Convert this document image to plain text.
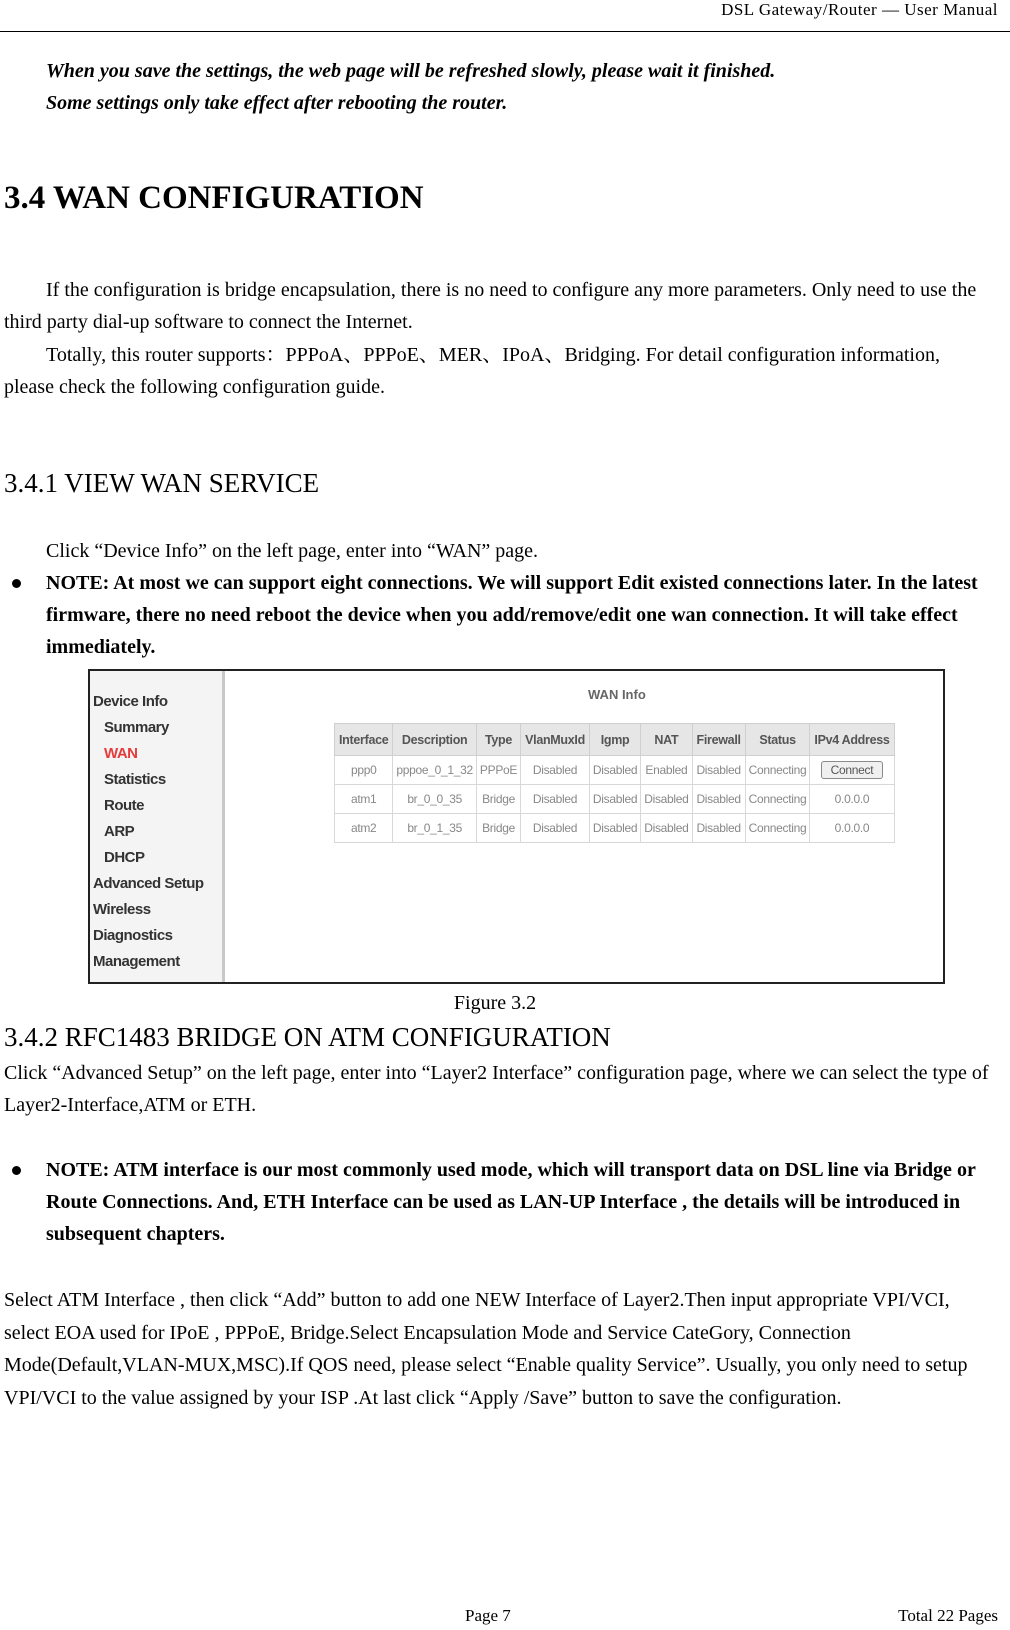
DSL Gateway/Router — User Manual
When you save the settings, the web page will be refreshed slowly, please wait it finished.
Some settings only take effect after rebooting the router.
3.4 WAN CONFIGURATION

If the configuration is bridge encapsulation, there is no need to configure any more parameters. Only need to use the third party dial-up software to connect the Internet.

Totally, this router supports：PPPoA、PPPoE、MER、IPoA、Bridging. For detail configuration information, please check the following configuration guide.

3.4.1 VIEW WAN SERVICE

Click “Device Info” on the left page, enter into “WAN” page.

NOTE: At most we can support eight connections. We will support Edit existed connections later. In the latest firmware, there no need reboot the device when you add/remove/edit one wan connection. It will take effect immediately.
Device Info
Summary
WAN
Statistics
Route
ARP
DHCP
Advanced Setup
Wireless
Diagnostics
Management
WAN Info
Interface	Description	Type	VlanMuxId	Igmp	NAT	Firewall	Status	IPv4 Address
ppp0	pppoe_0_1_32	PPPoE	Disabled	Disabled	Enabled	Disabled	Connecting	Connect
atm1	br_0_0_35	Bridge	Disabled	Disabled	Disabled	Disabled	Connecting	0.0.0.0
atm2	br_0_1_35	Bridge	Disabled	Disabled	Disabled	Disabled	Connecting	0.0.0.0
Figure 3.2
3.4.2 RFC1483 BRIDGE ON ATM CONFIGURATION

Click “Advanced Setup” on the left page, enter into “Layer2 Interface” configuration page, where we can select the type of Layer2-Interface,ATM or ETH.

NOTE: ATM interface is our most commonly used mode, which will transport data on DSL line via Bridge or Route Connections. And, ETH Interface can be used as LAN-UP Interface , the details will be introduced in subsequent chapters.

Select ATM Interface , then click “Add” button to add one NEW Interface of Layer2.Then input appropriate VPI/VCI, select EOA used for IPoE , PPPoE, Bridge.Select Encapsulation Mode and Service CateGory, Connection Mode(Default,VLAN-MUX,MSC).If QOS need, please select “Enable quality Service”. Usually, you only need to setup VPI/VCI to the value assigned by your ISP .At last click “Apply /Save” button to save the configuration.

Page 7	Total 22 Pages
